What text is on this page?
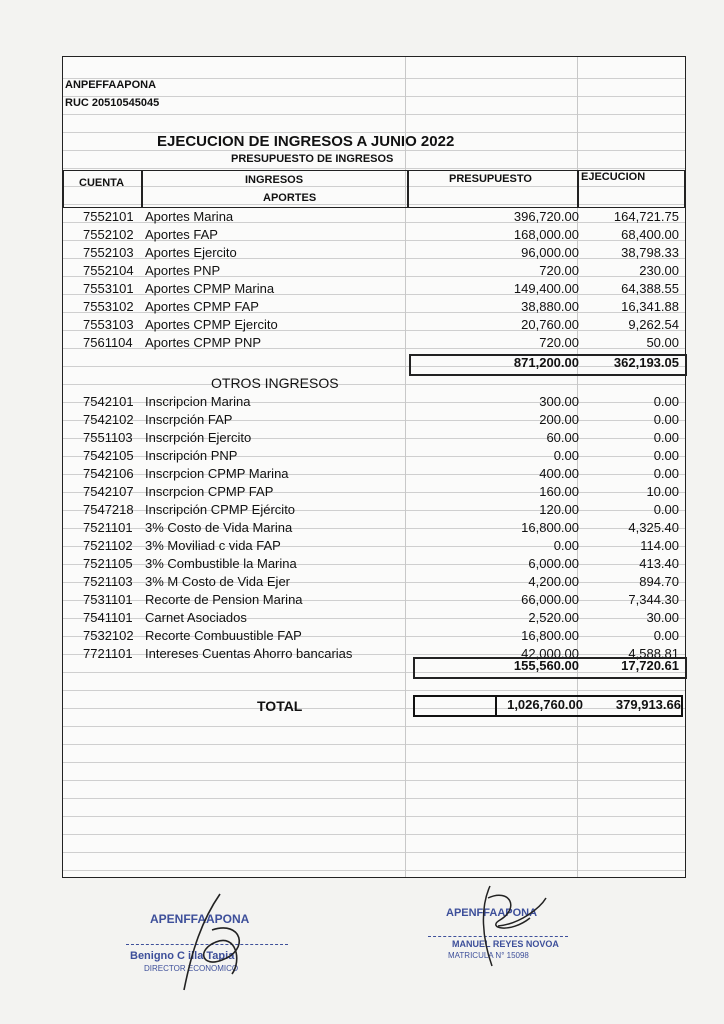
ANPEFFAAPONA
RUC 20510545045
EJECUCION DE INGRESOS A JUNIO 2022
PRESUPUESTO DE INGRESOS
CUENTA	INGRESOS
APORTES
PRESUPUESTO	EJECUCION
7552101 Aportes Marina	396,720.00	164,721.75
7552102 Aportes FAP	168,000.00	68,400.00
7552103 Aportes Ejercito	96,000.00	38,798.33
7552104 Aportes PNP	720.00	230.00
7553101 Aportes CPMP Marina	149,400.00	64,388.55
7553102 Aportes CPMP FAP	38,880.00	16,341.88
7553103 Aportes CPMP Ejercito	20,760.00	9,262.54
7561104 Aportes CPMP PNP	720.00	50.00
871,200.00	362,193.05
OTROS INGRESOS
7542101 Inscripcion Marina	300.00	0.00
7542102 Inscrpción FAP	200.00	0.00
7551103 Inscrpción Ejercito	60.00	0.00
7542105 Inscripción PNP	0.00	0.00
7542106 Inscrpcion CPMP Marina	400.00	0.00
7542107 Inscrpcion CPMP FAP	160.00	10.00
7547218 Inscripción CPMP Ejército	120.00	0.00
7521101 3% Costo de Vida Marina	16,800.00	4,325.40
7521102 3% Moviliad c vida FAP	0.00	114.00
7521105 3% Combustible la Marina	6,000.00	413.40
7521103 3% M Costo de Vida Ejer	4,200.00	894.70
7531101 Recorte de Pension Marina	66,000.00	7,344.30
7541101 Carnet Asociados	2,520.00	30.00
7532102 Recorte Combuustible FAP	16,800.00	0.00
7721101 Intereses Cuentas Ahorro bancarias	42,000.00	4,588.81
155,560.00	17,720.61
TOTAL	1,026,760.00	379,913.66
APENFFAAPONA
Benigno C illa Tapia
DIRECTOR ECONOMICO
APENFFAAPONA
MANUEL REYES NOVOA
MATRICULA N° 15098
